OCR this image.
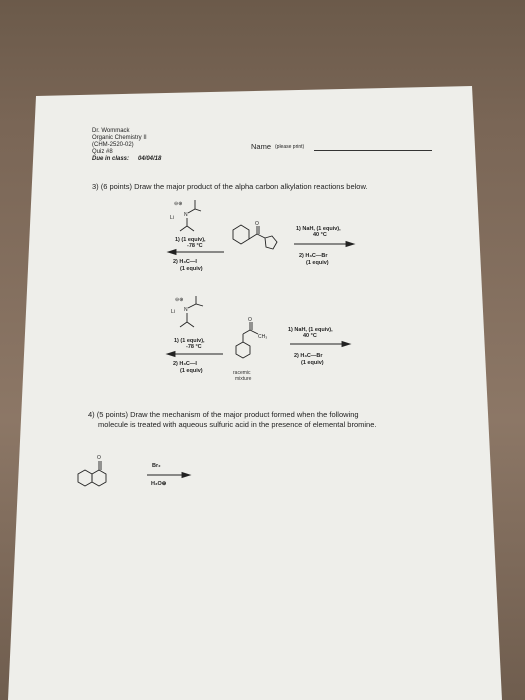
Dr. Wommack
Organic Chemistry II
(CHM-2520-02)
Quiz #8
Due in class: 04/04/18
Name (please print)
3) (6 points) Draw the major product of the alpha carbon alkylation reactions below.
⊖⊕
Li N
O
1) (1 equiv),
-78 °C
2) H₃C—I
(1 equiv)
1) NaH, (1 equiv),
40 °C
2) H₃C—Br
(1 equiv)
⊖⊕
Li N
O
CH₃
1) (1 equiv),
-78 °C
2) H₃C—I
(1 equiv)	racemic
mixture
1) NaH, (1 equiv),
40 °C
2) H₃C—Br
(1 equiv)
4) (5 points) Draw the mechanism of the major product formed when the following
molecule is treated with aqueous sulfuric acid in the presence of elemental bromine.
O
Br₂
H₃O⊕
